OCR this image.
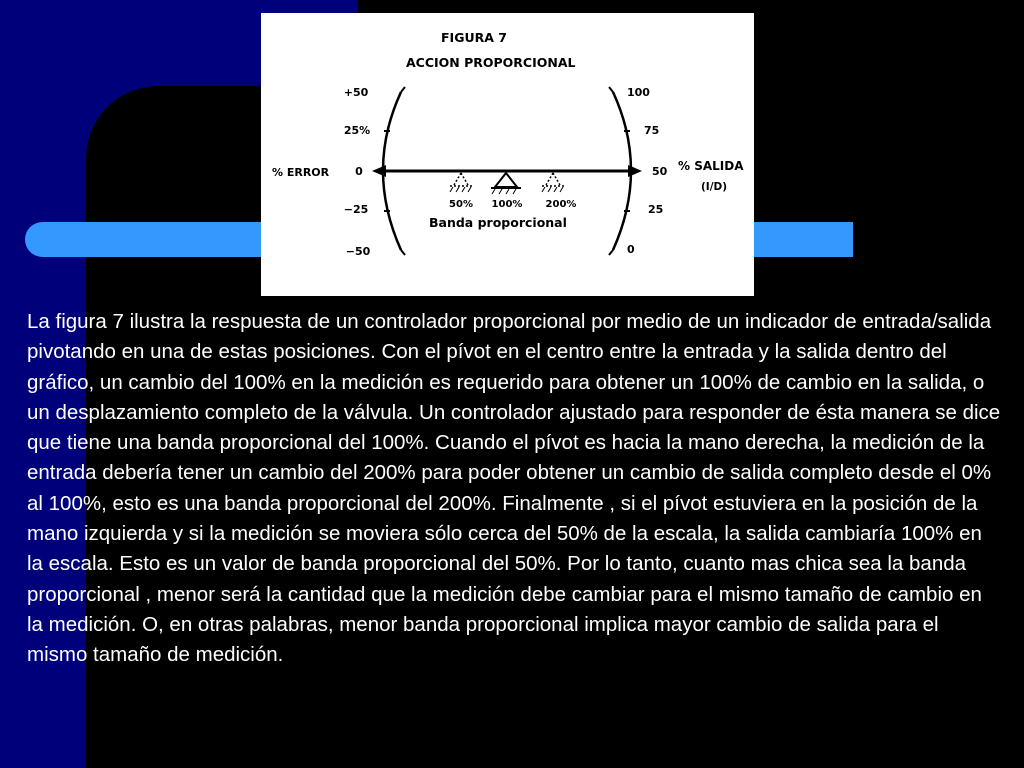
FIGURA 7
ACCION PROPORCIONAL
+50
25%
0
−25
−50
% ERROR
100
75
50
25
0
% SALIDA
(I/D)
50% 100% 200%
Banda proporcional

La figura 7 ilustra la respuesta de un controlador proporcional por medio de un indicador de entrada/salida pivotando en una de estas posiciones. Con el pívot en el centro entre la entrada y la salida dentro del gráfico, un cambio del 100% en la medición es requerido para obtener un 100% de cambio en la salida, o un desplazamiento completo de la válvula. Un controlador ajustado para responder de ésta manera se dice que tiene una banda proporcional del 100%. Cuando el pívot es hacia la mano derecha, la medición de la entrada debería tener un cambio del 200% para poder obtener un cambio de salida completo desde el 0% al 100%, esto es una banda proporcional del 200%. Finalmente , si el pívot estuviera en la posición de la mano izquierda y si la medición se moviera sólo cerca del 50% de la escala, la salida cambiaría 100% en la escala. Esto es un valor de banda proporcional del 50%. Por lo tanto, cuanto mas chica sea la banda proporcional , menor será la cantidad que la medición debe cambiar para el mismo tamaño de cambio en la medición. O, en otras palabras, menor banda proporcional implica mayor cambio de salida para el mismo tamaño de medición.
